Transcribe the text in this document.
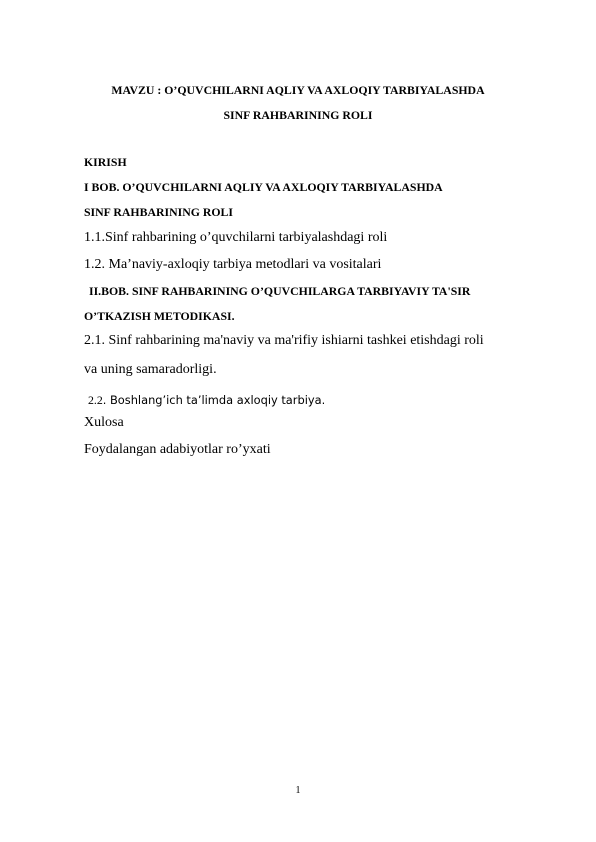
MAVZU : O’QUVCHILARNI AQLIY VA AXLOQIY TARBIYALASHDA
SINF RAHBARINING ROLI
KIRISH
I BOB. O’QUVCHILARNI AQLIY VA AXLOQIY TARBIYALASHDA
SINF RAHBARINING ROLI
1.1.Sinf rahbarining o’quvchilarni tarbiyalashdagi roli
1.2. Ma’naviy-axloqiy tarbiya metodlari va vositalari
II.BOB. SINF RAHBARINING O’QUVCHILARGA TARBIYAVIY TA'SIR
O’TKAZISH METODIKASI.
2.1. Sinf rahbarining ma'naviy va ma'rifiy ishiarni tashkei etishdagi roli
va uning samaradorligi.
2.2. Boshlang’ich ta’limda axloqiy tarbiya.
Xulosa
Foydalangan adabiyotlar ro’yxati
1
